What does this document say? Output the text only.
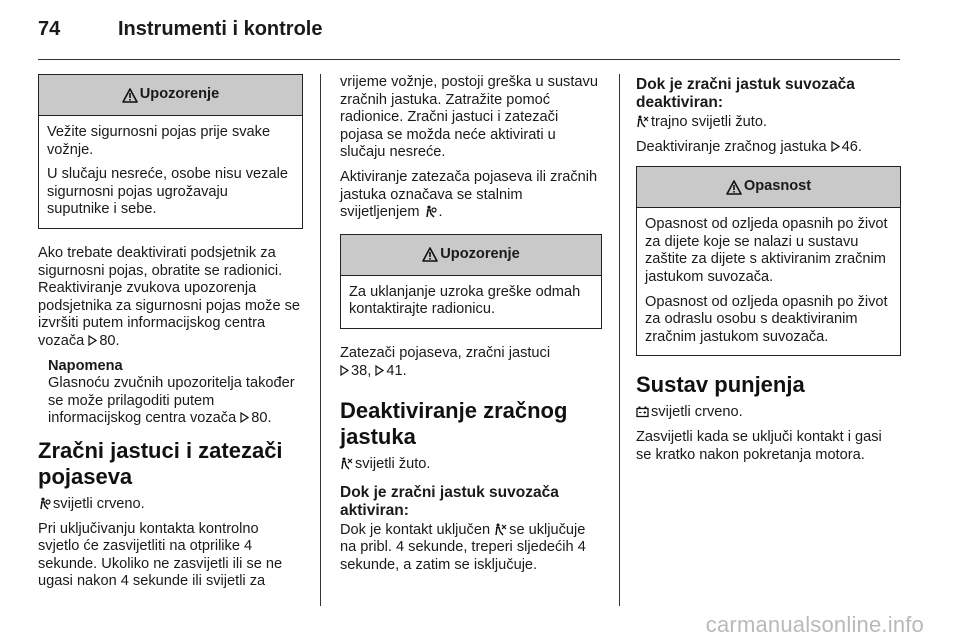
74	Instrumenti i kontrole
Upozorenje

Vežite sigurnosni pojas prije svake vožnje.

U slučaju nesreće, osobe nisu vezale sigurnosni pojas ugrožavaju suputnike i sebe.

Ako trebate deaktivirati podsjetnik za sigurnosni pojas, obratite se radionici. Reaktiviranje zvukova upozorenja podsjetnika za sigurnosni pojas može se izvršiti putem informacijskog centra vozača 80.

Napomena
Glasnoću zvučnih upozoritelja također se može prilagoditi putem informacijskog centra vozača 80.
Zračni jastuci i zatezači pojaseva

svijetli crveno.

Pri uključivanju kontakta kontrolno svjetlo će zasvijetliti na otprilike 4 sekunde. Ukoliko ne zasvijetli ili se ne ugasi nakon 4 sekunde ili svijetli za

vrijeme vožnje, postoji greška u sustavu zračnih jastuka. Zatražite pomoć radionice. Zračni jastuci i zatezači pojasa se možda neće aktivirati u slučaju nesreće.

Aktiviranje zatezača pojaseva ili zračnih jastuka označava se stalnim svijetljenjem .

Upozorenje

Za uklanjanje uzroka greške odmah kontaktirajte radionicu.

Zatezači pojaseva, zračni jastuci
38, 41.

Deaktiviranje zračnog jastuka

svijetli žuto.

Dok je zračni jastuk suvozača aktiviran:

Dok je kontakt uključen se uključuje na pribl. 4 sekunde, treperi sljedećih 4 sekunde, a zatim se isključuje.

Dok je zračni jastuk suvozača deaktiviran:

trajno svijetli žuto.

Deaktiviranje zračnog jastuka 46.

Opasnost

Opasnost od ozljeda opasnih po život za dijete koje se nalazi u sustavu zaštite za dijete s aktiviranim zračnim jastukom suvozača.

Opasnost od ozljeda opasnih po život za odraslu osobu s deaktiviranim zračnim jastukom suvozača.

Sustav punjenja

svijetli crveno.

Zasvijetli kada se uključi kontakt i gasi se kratko nakon pokretanja motora.

carmanualsonline.info
